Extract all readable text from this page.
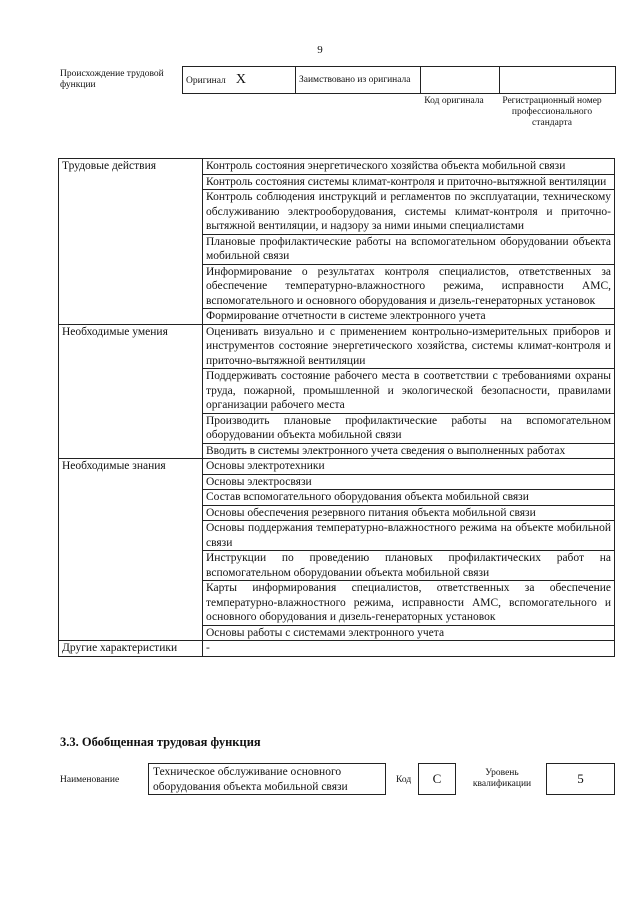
9
Происхождение трудовой функции	Оригинал X	Заимствовано из оригинала		
Код оригинала	Регистрационный номер профессионального стандарта
Трудовые действия	Контроль состояния энергетического хозяйства объекта мобильной связи
	Контроль состояния системы климат-контроля и приточно-вытяжной вентиляции
	Контроль соблюдения инструкций и регламентов по эксплуатации, техническому обслуживанию электрооборудования, системы климат-контроля и приточно-вытяжной вентиляции, и надзору за ними иными специалистами
	Плановые профилактические работы на вспомогательном оборудовании объекта мобильной связи
	Информирование о результатах контроля специалистов, ответственных за обеспечение температурно-влажностного режима, исправности АМС, вспомогательного и основного оборудования и дизель-генераторных установок
	Формирование отчетности в системе электронного учета
Необходимые умения	Оценивать визуально и с применением контрольно-измерительных приборов и инструментов состояние энергетического хозяйства, системы климат-контроля и приточно-вытяжной вентиляции
	Поддерживать состояние рабочего места в соответствии с требованиями охраны труда, пожарной, промышленной и экологической безопасности, правилами организации рабочего места
	Производить плановые профилактические работы на вспомогательном оборудовании объекта мобильной связи
	Вводить в системы электронного учета сведения о выполненных работах
Необходимые знания	Основы электротехники
	Основы электросвязи
	Состав вспомогательного оборудования объекта мобильной связи
	Основы обеспечения резервного питания объекта мобильной связи
	Основы поддержания температурно-влажностного режима на объекте мобильной связи
	Инструкции по проведению плановых профилактических работ на вспомогательном оборудовании объекта мобильной связи
	Карты информирования специалистов, ответственных за обеспечение температурно-влажностного режима, исправности АМС, вспомогательного и основного оборудования и дизель-генераторных установок
	Основы работы с системами электронного учета
Другие характеристики	-
3.3. Обобщенная трудовая функция
Наименование
Техническое обслуживание основного оборудования объекта мобильной связи
Код	C	Уровень квалификации	5
